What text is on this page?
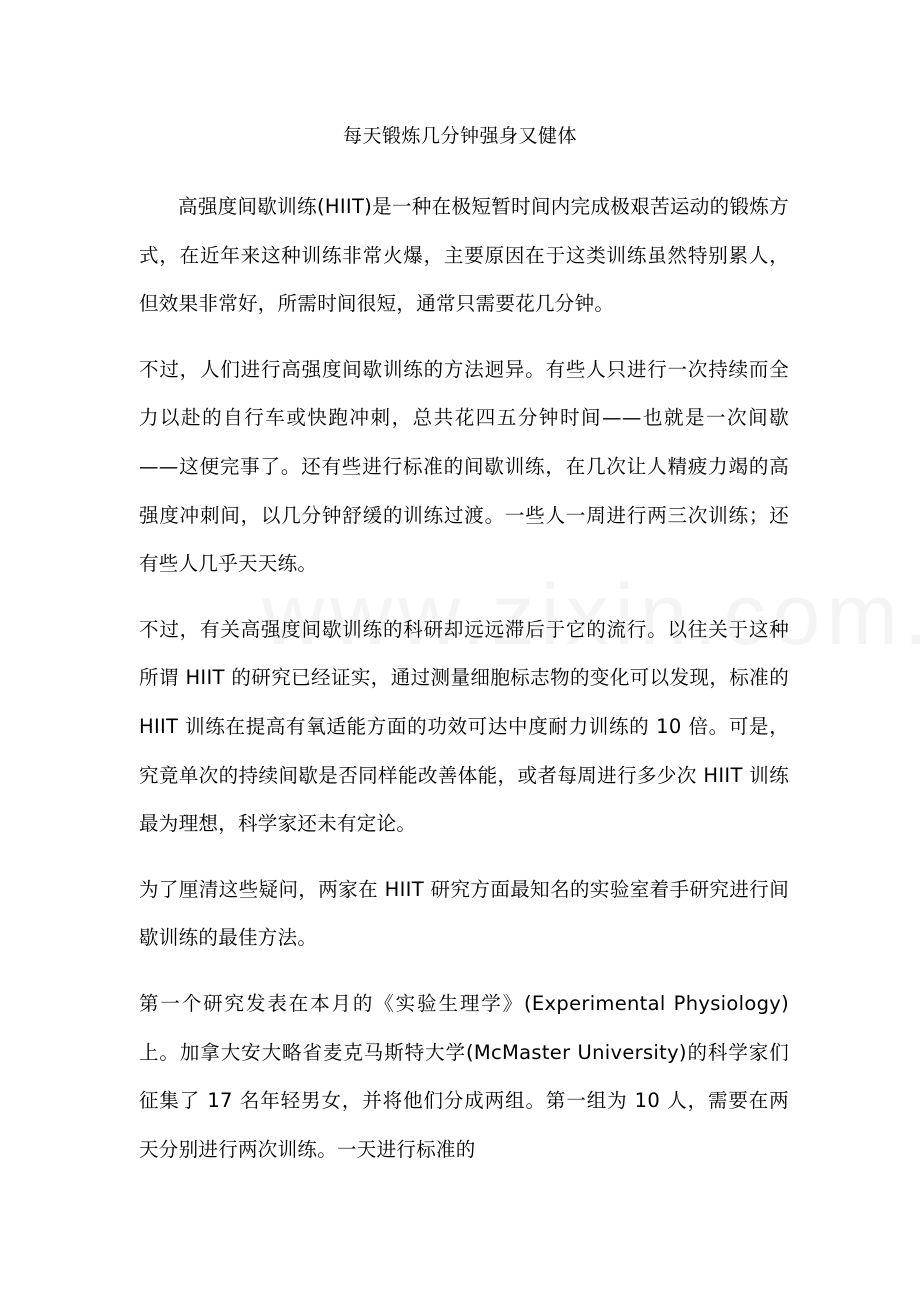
每天锻炼几分钟强身又健体

高强度间歇训练(HIIT)是一种在极短暂时间内完成极艰苦运动的锻炼方式，在近年来这种训练非常火爆，主要原因在于这类训练虽然特别累人，但效果非常好，所需时间很短，通常只需要花几分钟。

不过，人们进行高强度间歇训练的方法迥异。有些人只进行一次持续而全力以赴的自行车或快跑冲刺，总共花四五分钟时间——也就是一次间歇——这便完事了。还有些进行标准的间歇训练，在几次让人精疲力竭的高强度冲刺间，以几分钟舒缓的训练过渡。一些人一周进行两三次训练；还有些人几乎天天练。

不过，有关高强度间歇训练的科研却远远滞后于它的流行。以往关于这种所谓 HIIT 的研究已经证实，通过测量细胞标志物的变化可以发现，标准的 HIIT 训练在提高有氧适能方面的功效可达中度耐力训练的 10 倍。可是，究竟单次的持续间歇是否同样能改善体能，或者每周进行多少次 HIIT 训练最为理想，科学家还未有定论。

为了厘清这些疑问，两家在 HIIT 研究方面最知名的实验室着手研究进行间歇训练的最佳方法。

第一个研究发表在本月的《实验生理学》(Experimental Physiology)上。加拿大安大略省麦克马斯特大学(McMaster University)的科学家们征集了 17 名年轻男女，并将他们分成两组。第一组为 10 人，需要在两天分别进行两次训练。一天进行标准的
